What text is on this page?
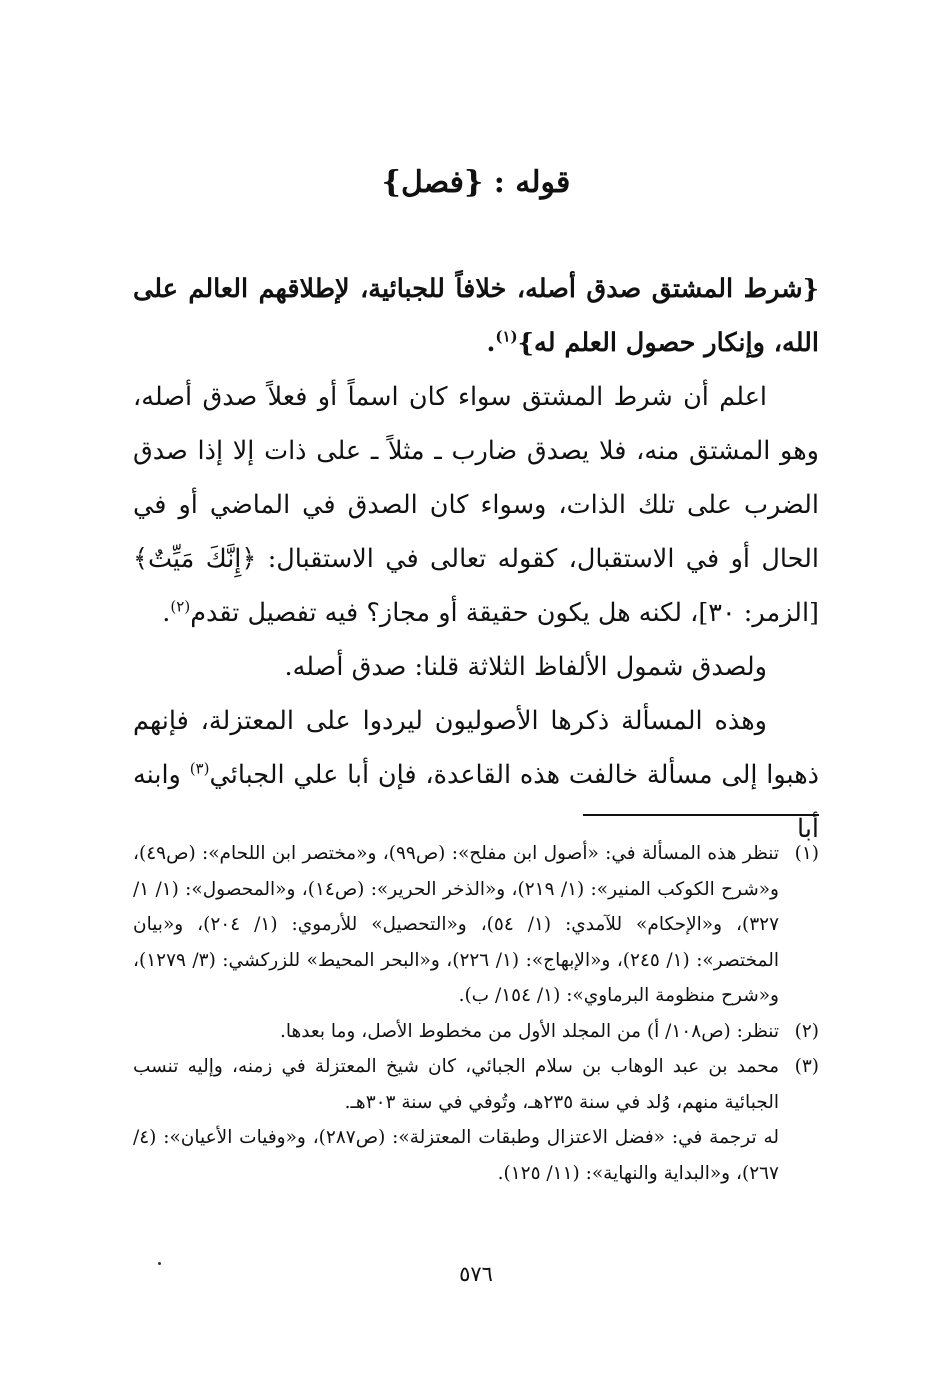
قوله : {فصل}

{شرط المشتق صدق أصله، خلافاً للجبائية، لإطلاقهم العالم على الله، وإنكار حصول العلم له}$^{(١)}$.

اعلم أن شرط المشتق سواء كان اسماً أو فعلاً صدق أصله، وهو المشتق منه، فلا يصدق ضارب ـ مثلاً ـ على ذات إلا إذا صدق الضرب على تلك الذات، وسواء كان الصدق في الماضي أو في الحال أو في الاستقبال، كقوله تعالى في الاستقبال: ﴿إِنَّكَ مَيِّتٌ﴾ [الزمر: ٣٠]، لكنه هل يكون حقيقة أو مجاز؟ فيه تفصيل تقدم$^{(٢)}$.

ولصدق شمول الألفاظ الثلاثة قلنا: صدق أصله.

وهذه المسألة ذكرها الأصوليون ليردوا على المعتزلة، فإنهم ذهبوا إلى مسألة خالفت هذه القاعدة، فإن أبا علي الجبائي$^{(٣)}$ وابنه أبا

(١)
تنظر هذه المسألة في: «أصول ابن مفلح»: (ص٩٩)، و«مختصر ابن اللحام»: (ص٤٩)، و«شرح الكوكب المنير»: (١/ ٢١٩)، و«الذخر الحرير»: (ص١٤)، و«المحصول»: (١/ ١/ ٣٢٧)، و«الإحكام» للآمدي: (١/ ٥٤)، و«التحصيل» للأرموي: (١/ ٢٠٤)، و«بيان المختصر»: (١/ ٢٤٥)، و«الإبهاج»: (١/ ٢٢٦)، و«البحر المحيط» للزركشي: (٣/ ١٢٧٩)، و«شرح منظومة البرماوي»: (١/ ١٥٤/ ب).
(٢)
تنظر: (ص١٠٨/ أ) من المجلد الأول من مخطوط الأصل، وما بعدها.
(٣)
محمد بن عبد الوهاب بن سلام الجبائي، كان شيخ المعتزلة في زمنه، وإليه تنسب الجبائية منهم، وُلد في سنة ٢٣٥هـ، وتُوفي في سنة ٣٠٣هـ.
له ترجمة في: «فضل الاعتزال وطبقات المعتزلة»: (ص٢٨٧)، و«وفيات الأعيان»: (٤/ ٢٦٧)، و«البداية والنهاية»: (١١/ ١٢٥).
٥٧٦
